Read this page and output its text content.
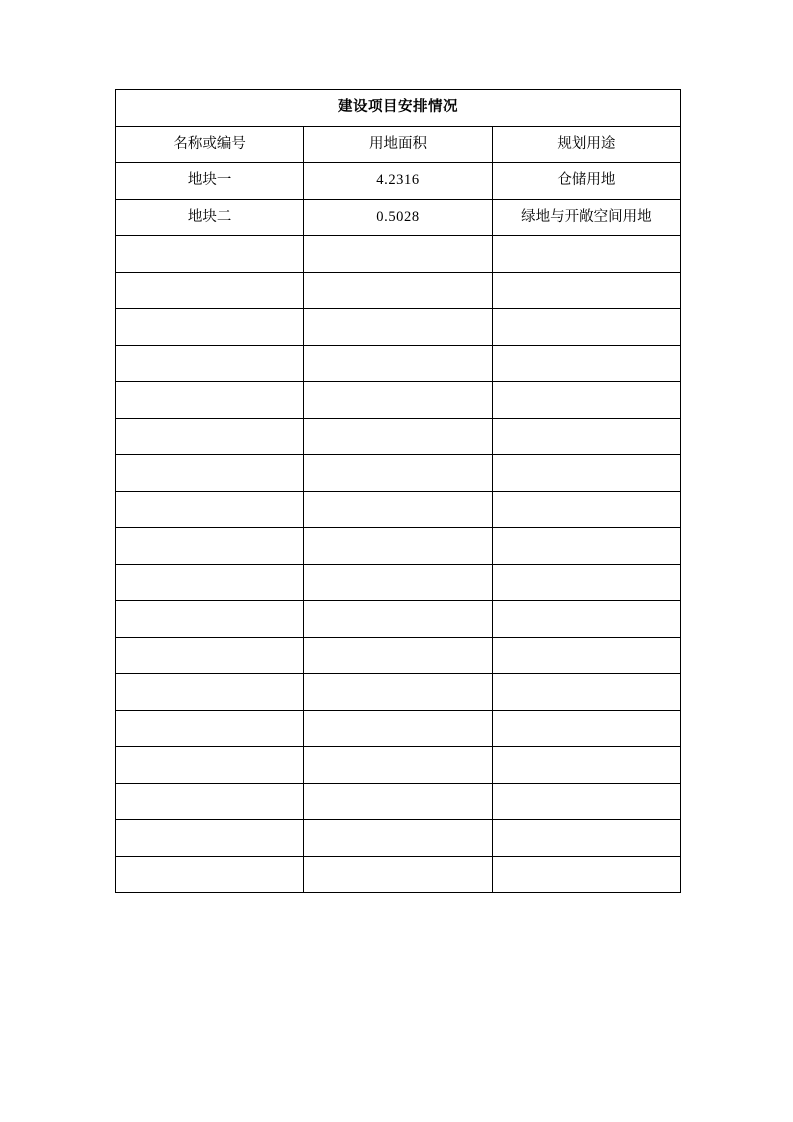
建设项目安排情况		
名称或编号	用地面积	规划用途
地块一	4.2316	仓储用地
地块二	0.5028	绿地与开敞空间用地
